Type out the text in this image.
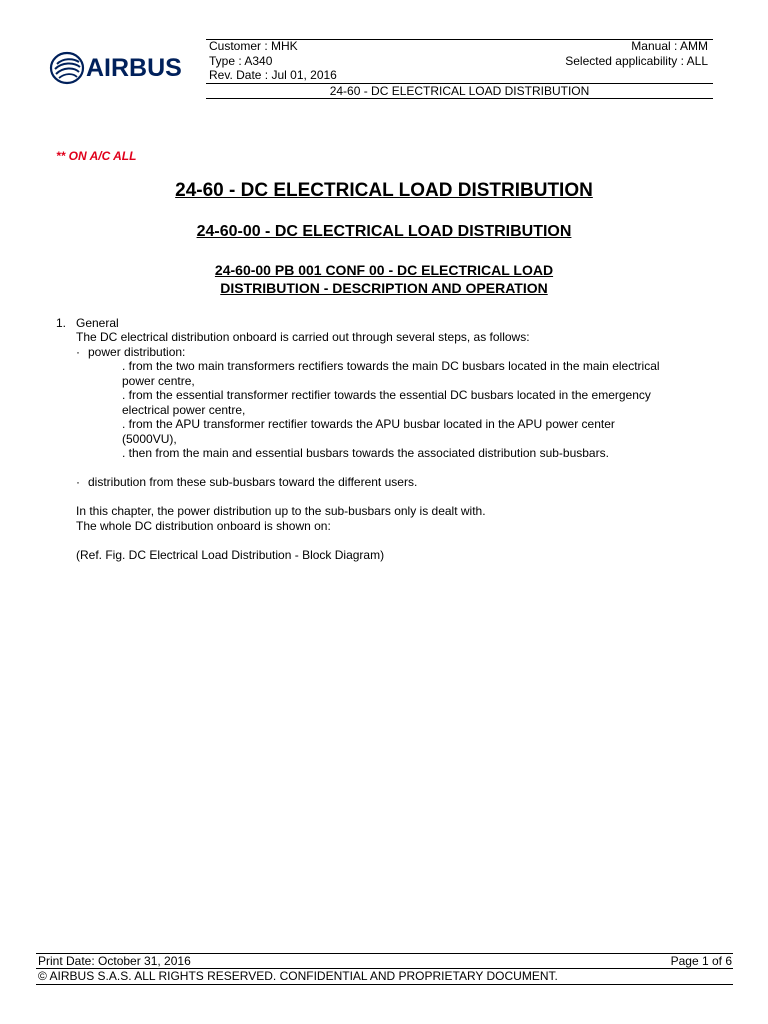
AIRBUS
Customer : MHK	Manual : AMM
Type : A340	Selected applicability : ALL
Rev. Date : Jul 01, 2016
24-60 - DC ELECTRICAL LOAD DISTRIBUTION
** ON A/C ALL
24-60 - DC ELECTRICAL LOAD DISTRIBUTION
24-60-00 - DC ELECTRICAL LOAD DISTRIBUTION
24-60-00 PB 001 CONF 00 - DC ELECTRICAL LOAD
DISTRIBUTION - DESCRIPTION AND OPERATION
1. General
The DC electrical distribution onboard is carried out through several steps, as follows:
· power distribution:
. from the two main transformers rectifiers towards the main DC busbars located in the main electrical
power centre,
. from the essential transformer rectifier towards the essential DC busbars located in the emergency
electrical power centre,
. from the APU transformer rectifier towards the APU busbar located in the APU power center
(5000VU),
. then from the main and essential busbars towards the associated distribution sub-busbars.
· distribution from these sub-busbars toward the different users.
In this chapter, the power distribution up to the sub-busbars only is dealt with.
The whole DC distribution onboard is shown on:
(Ref. Fig. DC Electrical Load Distribution - Block Diagram)
Print Date: October 31, 2016	Page 1 of 6
© AIRBUS S.A.S. ALL RIGHTS RESERVED. CONFIDENTIAL AND PROPRIETARY DOCUMENT.
